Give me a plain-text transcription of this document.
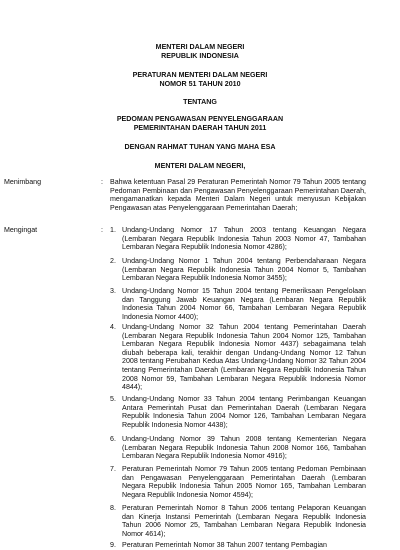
MENTERI DALAM NEGERI
REPUBLIK INDONESIA
PERATURAN MENTERI DALAM NEGERI
NOMOR 51 TAHUN 2010
TENTANG
PEDOMAN PENGAWASAN PENYELENGGARAAN
PEMERINTAHAN DAERAH TAHUN 2011
DENGAN RAHMAT TUHAN YANG MAHA ESA
MENTERI DALAM NEGERI,
Menimbang	: Bahwa ketentuan Pasal 29 Peraturan Pemerintah Nomor 79 Tahun 2005 tentang Pedoman Pembinaan dan Pengawasan Penyelenggaraan Pemerintahan Daerah, mengamanatkan kepada Menteri Dalam Negeri untuk menyusun Kebijakan Pengawasan atas Penyelenggaraan Pemerintahan Daerah;
Mengingat	: 1. Undang-Undang Nomor 17 Tahun 2003 tentang Keuangan Negara (Lembaran Negara Republik Indonesia Tahun 2003 Nomor 47, Tambahan Lembaran Negara Republik Indonesia Nomor 4286);
2. Undang-Undang Nomor 1 Tahun 2004 tentang Perbendaharaan Negara (Lembaran Negara Republik Indonesia Tahun 2004 Nomor 5, Tambahan Lembaran Negara Republik Indonesia Nomor 3455);
3. Undang-Undang Nomor 15 Tahun 2004 tentang Pemeriksaan Pengelolaan dan Tanggung Jawab Keuangan Negara (Lembaran Negara Republik Indonesia Tahun 2004 Nomor 66, Tambahan Lembaran Negara Republik Indonesia Nomor 4400);
4. Undang-Undang Nomor 32 Tahun 2004 tentang Pemerintahan Daerah (Lembaran Negara Republik Indonesia Tahun 2004 Nomor 125, Tambahan Lembaran Negara Republik Indonesia Nomor 4437) sebagaimana telah diubah beberapa kali, terakhir dengan Undang-Undang Nomor 12 Tahun 2008 tentang Perubahan Kedua Atas Undang-Undang Nomor 32 Tahun 2004 tentang Pemerintahan Daerah (Lembaran Negara Republik Indonesia Tahun 2008 Nomor 59, Tambahan Lembaran Negara Republik Indonesia Nomor 4844);
5. Undang-Undang Nomor 33 Tahun 2004 tentang Perimbangan Keuangan Antara Pemerintah Pusat dan Pemerintahan Daerah (Lembaran Negara Republik Indonesia Tahun 2004 Nomor 126, Tambahan Lembaran Negara Republik Indonesia Nomor 4438);
6. Undang-Undang Nomor 39 Tahun 2008 tentang Kementerian Negara (Lembaran Negara Republik Indonesia Tahun 2008 Nomor 166, Tambahan Lembaran Negara Republik Indonesia Nomor 4916);
7. Peraturan Pemerintah Nomor 79 Tahun 2005 tentang Pedoman Pembinaan dan Pengawasan Penyelenggaraan Pemerintahan Daerah (Lembaran Negara Republik Indonesia Tahun 2005 Nomor 165, Tambahan Lembaran Negara Republik Indonesia Nomor 4594);
8. Peraturan Pemerintah Nomor 8 Tahun 2006 tentang Pelaporan Keuangan dan Kinerja Instansi Pemerintah (Lembaran Negara Republik Indonesia Tahun 2006 Nomor 25, Tambahan Lembaran Negara Republik Indonesia Nomor 4614);
9. Peraturan Pemerintah Nomor 38 Tahun 2007 tentang Pembagian
